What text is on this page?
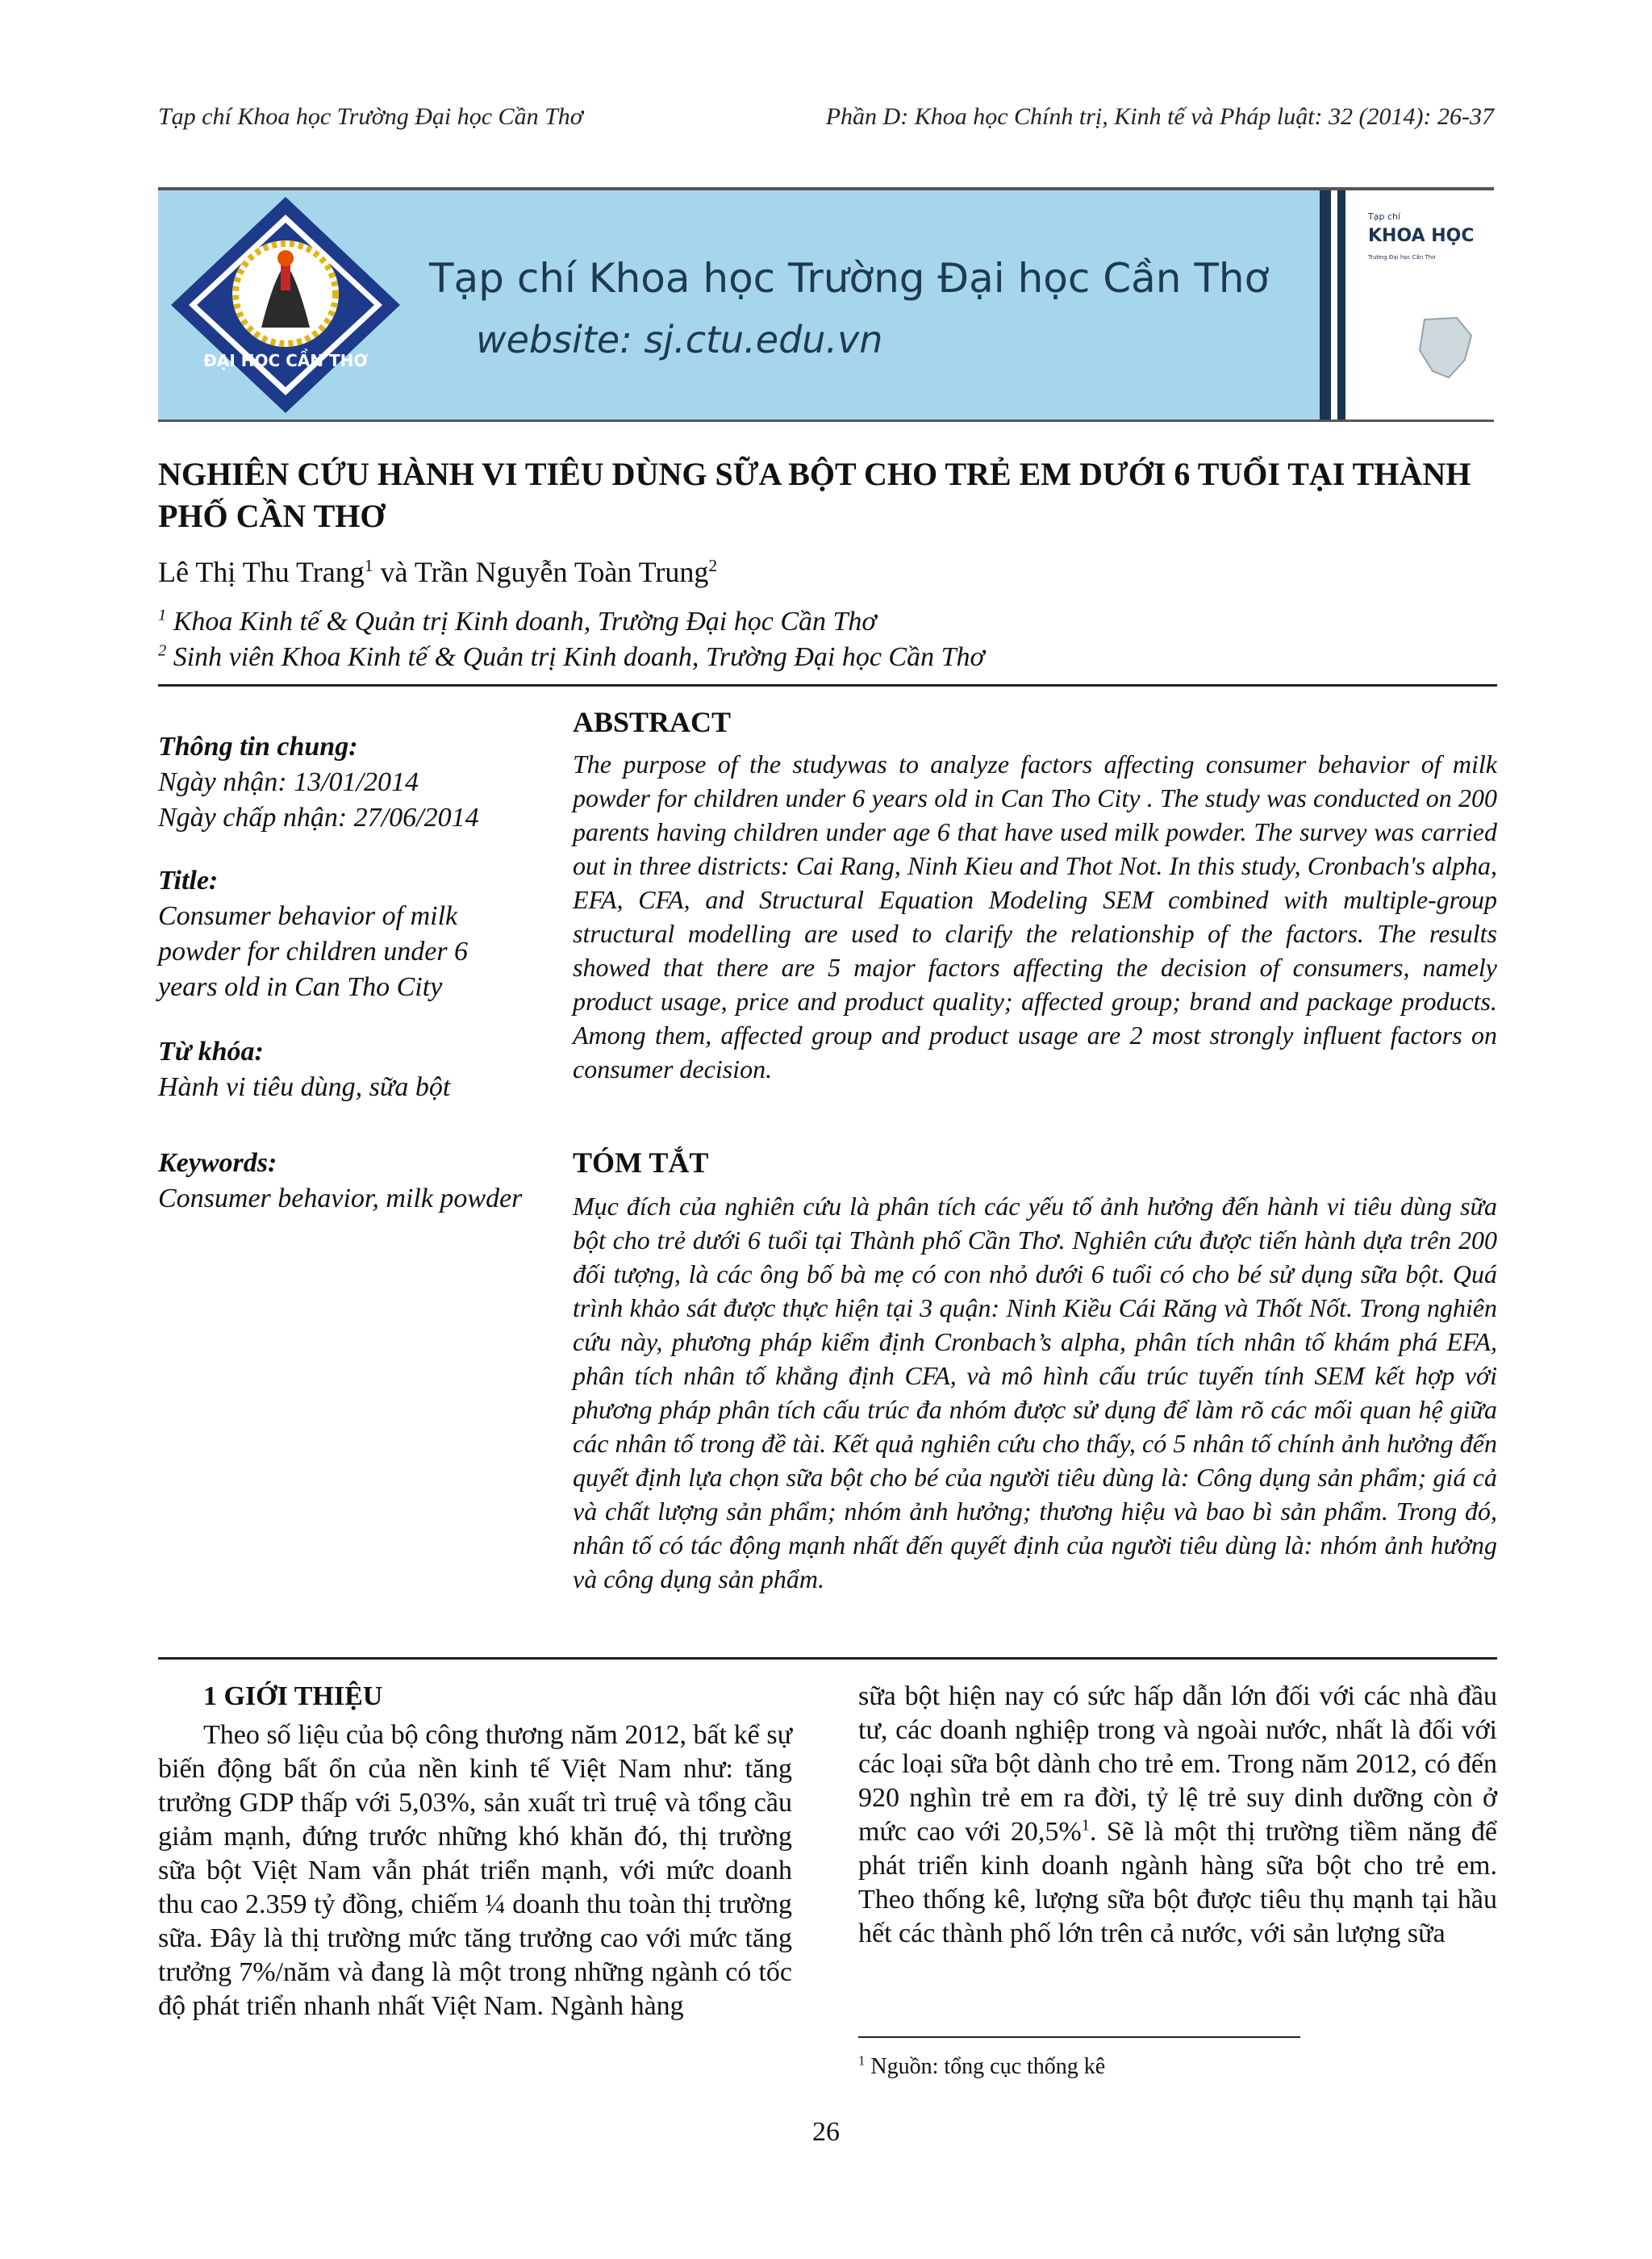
Tạp chí Khoa học Trường Đại học Cần Thơ	Phần D: Khoa học Chính trị, Kinh tế và Pháp luật: 32 (2014): 26-37
ĐẠI HỌC CẦN THƠ
Tạp chí Khoa học Trường Đại học Cần Thơ
website: sj.ctu.edu.vn
Tạp chí
KHOA HỌC
Trường Đại học Cần Thơ
NGHIÊN CỨU HÀNH VI TIÊU DÙNG SỮA BỘT CHO TRẺ EM DƯỚI 6 TUỔI TẠI THÀNH PHỐ CẦN THƠ
Lê Thị Thu Trang$^1$ và Trần Nguyễn Toàn Trung$^2$
$^1$ Khoa Kinh tế & Quản trị Kinh doanh, Trường Đại học Cần Thơ
$^2$ Sinh viên Khoa Kinh tế & Quản trị Kinh doanh, Trường Đại học Cần Thơ
Thông tin chung:
Ngày nhận: 13/01/2014
Ngày chấp nhận: 27/06/2014
Title:
Consumer behavior of milk powder for children under 6 years old in Can Tho City
Từ khóa:
Hành vi tiêu dùng, sữa bột
Keywords:
Consumer behavior, milk powder
ABSTRACT
The purpose of the studywas to analyze factors affecting consumer behavior of milk powder for children under 6 years old in Can Tho City . The study was conducted on 200 parents having children under age 6 that have used milk powder. The survey was carried out in three districts: Cai Rang, Ninh Kieu and Thot Not. In this study, Cronbach's alpha, EFA, CFA, and Structural Equation Modeling SEM combined with multiple-group structural modelling are used to clarify the relationship of the factors. The results showed that there are 5 major factors affecting the decision of consumers, namely product usage, price and product quality; affected group; brand and package products. Among them, affected group and product usage are 2 most strongly influent factors on consumer decision.
TÓM TẮT
Mục đích của nghiên cứu là phân tích các yếu tố ảnh hưởng đến hành vi tiêu dùng sữa bột cho trẻ dưới 6 tuổi tại Thành phố Cần Thơ. Nghiên cứu được tiến hành dựa trên 200 đối tượng, là các ông bố bà mẹ có con nhỏ dưới 6 tuổi có cho bé sử dụng sữa bột. Quá trình khảo sát được thực hiện tại 3 quận: Ninh Kiều Cái Răng và Thốt Nốt. Trong nghiên cứu này, phương pháp kiểm định Cronbach’s alpha, phân tích nhân tố khám phá EFA, phân tích nhân tố khẳng định CFA, và mô hình cấu trúc tuyến tính SEM kết hợp với phương pháp phân tích cấu trúc đa nhóm được sử dụng để làm rõ các mối quan hệ giữa các nhân tố trong đề tài. Kết quả nghiên cứu cho thấy, có 5 nhân tố chính ảnh hưởng đến quyết định lựa chọn sữa bột cho bé của người tiêu dùng là: Công dụng sản phẩm; giá cả và chất lượng sản phẩm; nhóm ảnh hưởng; thương hiệu và bao bì sản phẩm. Trong đó, nhân tố có tác động mạnh nhất đến quyết định của người tiêu dùng là: nhóm ảnh hưởng và công dụng sản phẩm.
1 GIỚI THIỆU
Theo số liệu của bộ công thương năm 2012, bất kể sự biến động bất ổn của nền kinh tế Việt Nam như: tăng trưởng GDP thấp với 5,03%, sản xuất trì truệ và tổng cầu giảm mạnh, đứng trước những khó khăn đó, thị trường sữa bột Việt Nam vẫn phát triển mạnh, với mức doanh thu cao 2.359 tỷ đồng, chiếm ¼ doanh thu toàn thị trường sữa. Đây là thị trường mức tăng trưởng cao với mức tăng trưởng 7%/năm và đang là một trong những ngành có tốc độ phát triển nhanh nhất Việt Nam. Ngành hàng
sữa bột hiện nay có sức hấp dẫn lớn đối với các nhà đầu tư, các doanh nghiệp trong và ngoài nước, nhất là đối với các loại sữa bột dành cho trẻ em. Trong năm 2012, có đến 920 nghìn trẻ em ra đời, tỷ lệ trẻ suy dinh dưỡng còn ở mức cao với 20,5%$^1$. Sẽ là một thị trường tiềm năng để phát triển kinh doanh ngành hàng sữa bột cho trẻ em. Theo thống kê, lượng sữa bột được tiêu thụ mạnh tại hầu hết các thành phố lớn trên cả nước, với sản lượng sữa
$^1$ Nguồn: tổng cục thống kê
26
